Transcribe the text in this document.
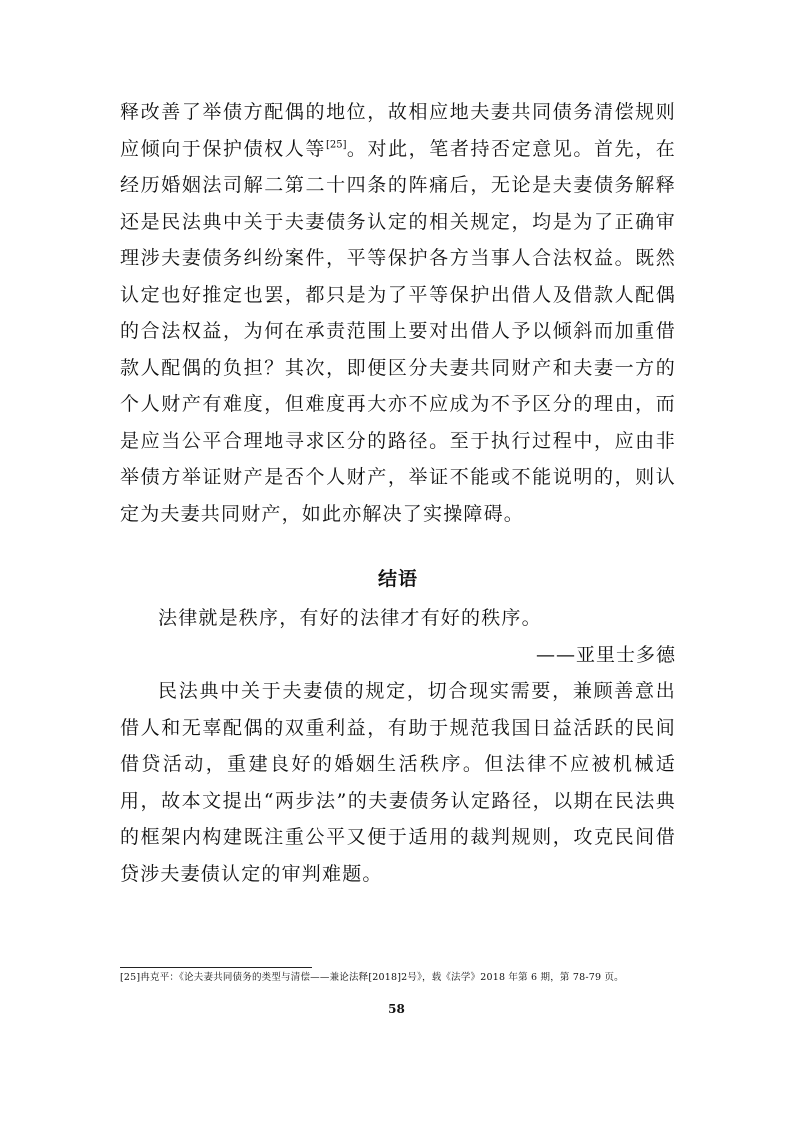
释改善了举债方配偶的地位，故相应地夫妻共同债务清偿规则应倾向于保护债权人等[25]。对此，笔者持否定意见。首先，在经历婚姻法司解二第二十四条的阵痛后，无论是夫妻债务解释还是民法典中关于夫妻债务认定的相关规定，均是为了正确审理涉夫妻债务纠纷案件，平等保护各方当事人合法权益。既然认定也好推定也罢，都只是为了平等保护出借人及借款人配偶的合法权益，为何在承责范围上要对出借人予以倾斜而加重借款人配偶的负担？其次，即便区分夫妻共同财产和夫妻一方的个人财产有难度，但难度再大亦不应成为不予区分的理由，而是应当公平合理地寻求区分的路径。至于执行过程中，应由非举债方举证财产是否个人财产，举证不能或不能说明的，则认定为夫妻共同财产，如此亦解决了实操障碍。

结语

法律就是秩序，有好的法律才有好的秩序。

——亚里士多德

民法典中关于夫妻债的规定，切合现实需要，兼顾善意出借人和无辜配偶的双重利益，有助于规范我国日益活跃的民间借贷活动，重建良好的婚姻生活秩序。但法律不应被机械适用，故本文提出“两步法”的夫妻债务认定路径，以期在民法典的框架内构建既注重公平又便于适用的裁判规则，攻克民间借贷涉夫妻债认定的审判难题。

[25]冉克平：《论夫妻共同债务的类型与清偿——兼论法释[2018]2号》，载《法学》2018 年第 6 期，第 78-79 页。

58
